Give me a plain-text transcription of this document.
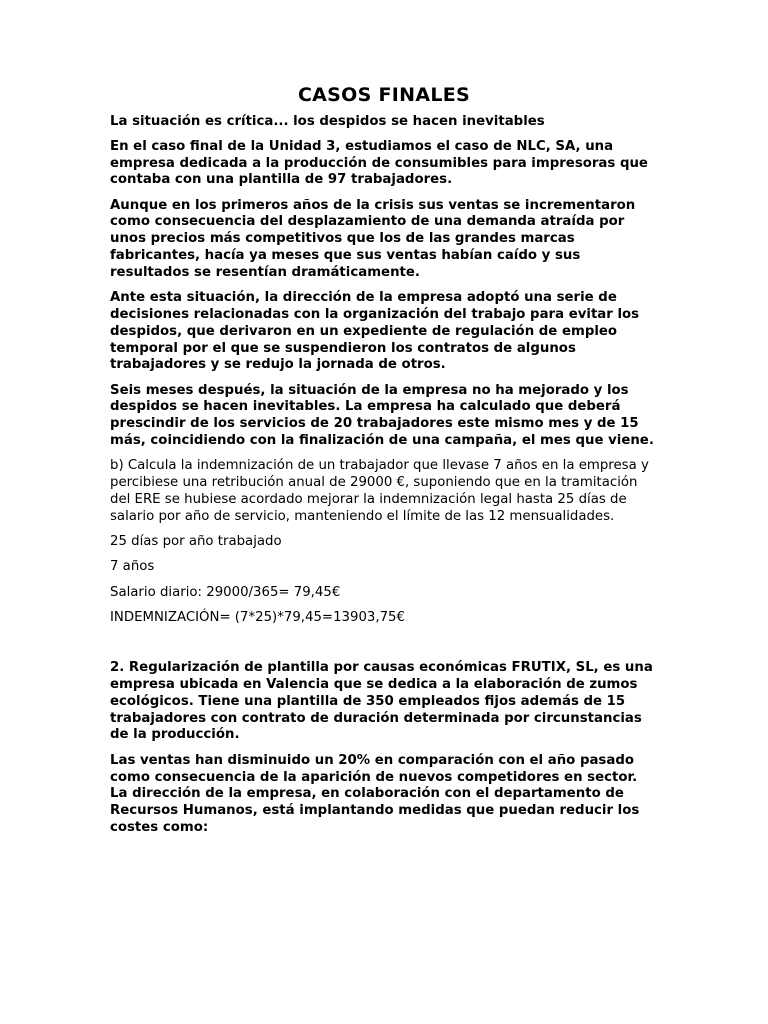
CASOS FINALES

La situación es crítica... los despidos se hacen inevitables

En el caso final de la Unidad 3, estudiamos el caso de NLC, SA, una empresa dedicada a la producción de consumibles para impresoras que contaba con una plantilla de 97 trabajadores.

Aunque en los primeros años de la crisis sus ventas se incrementaron como consecuencia del desplazamiento de una demanda atraída por unos precios más competitivos que los de las grandes marcas fabricantes, hacía ya meses que sus ventas habían caído y sus resultados se resentían dramáticamente.

Ante esta situación, la dirección de la empresa adoptó una serie de decisiones relacionadas con la organización del trabajo para evitar los despidos, que derivaron en un expediente de regulación de empleo temporal por el que se suspendieron los contratos de algunos trabajadores y se redujo la jornada de otros.

Seis meses después, la situación de la empresa no ha mejorado y los despidos se hacen inevitables. La empresa ha calculado que deberá prescindir de los servicios de 20 trabajadores este mismo mes y de 15 más, coincidiendo con la finalización de una campaña, el mes que viene.

b) Calcula la indemnización de un trabajador que llevase 7 años en la empresa y percibiese una retribución anual de 29000 €, suponiendo que en la tramitación del ERE se hubiese acordado mejorar la indemnización legal hasta 25 días de salario por año de servicio, manteniendo el límite de las 12 mensualidades.

25 días por año trabajado

7 años

Salario diario: 29000/365= 79,45€

INDEMNIZACIÓN= (7*25)*79,45=13903,75€

2. Regularización de plantilla por causas económicas FRUTIX, SL, es una empresa ubicada en Valencia que se dedica a la elaboración de zumos ecológicos. Tiene una plantilla de 350 empleados fijos además de 15 trabajadores con contrato de duración determinada por circunstancias de la producción.

Las ventas han disminuido un 20% en comparación con el año pasado como consecuencia de la aparición de nuevos competidores en sector. La dirección de la empresa, en colaboración con el departamento de Recursos Humanos, está implantando medidas que puedan reducir los costes como:
